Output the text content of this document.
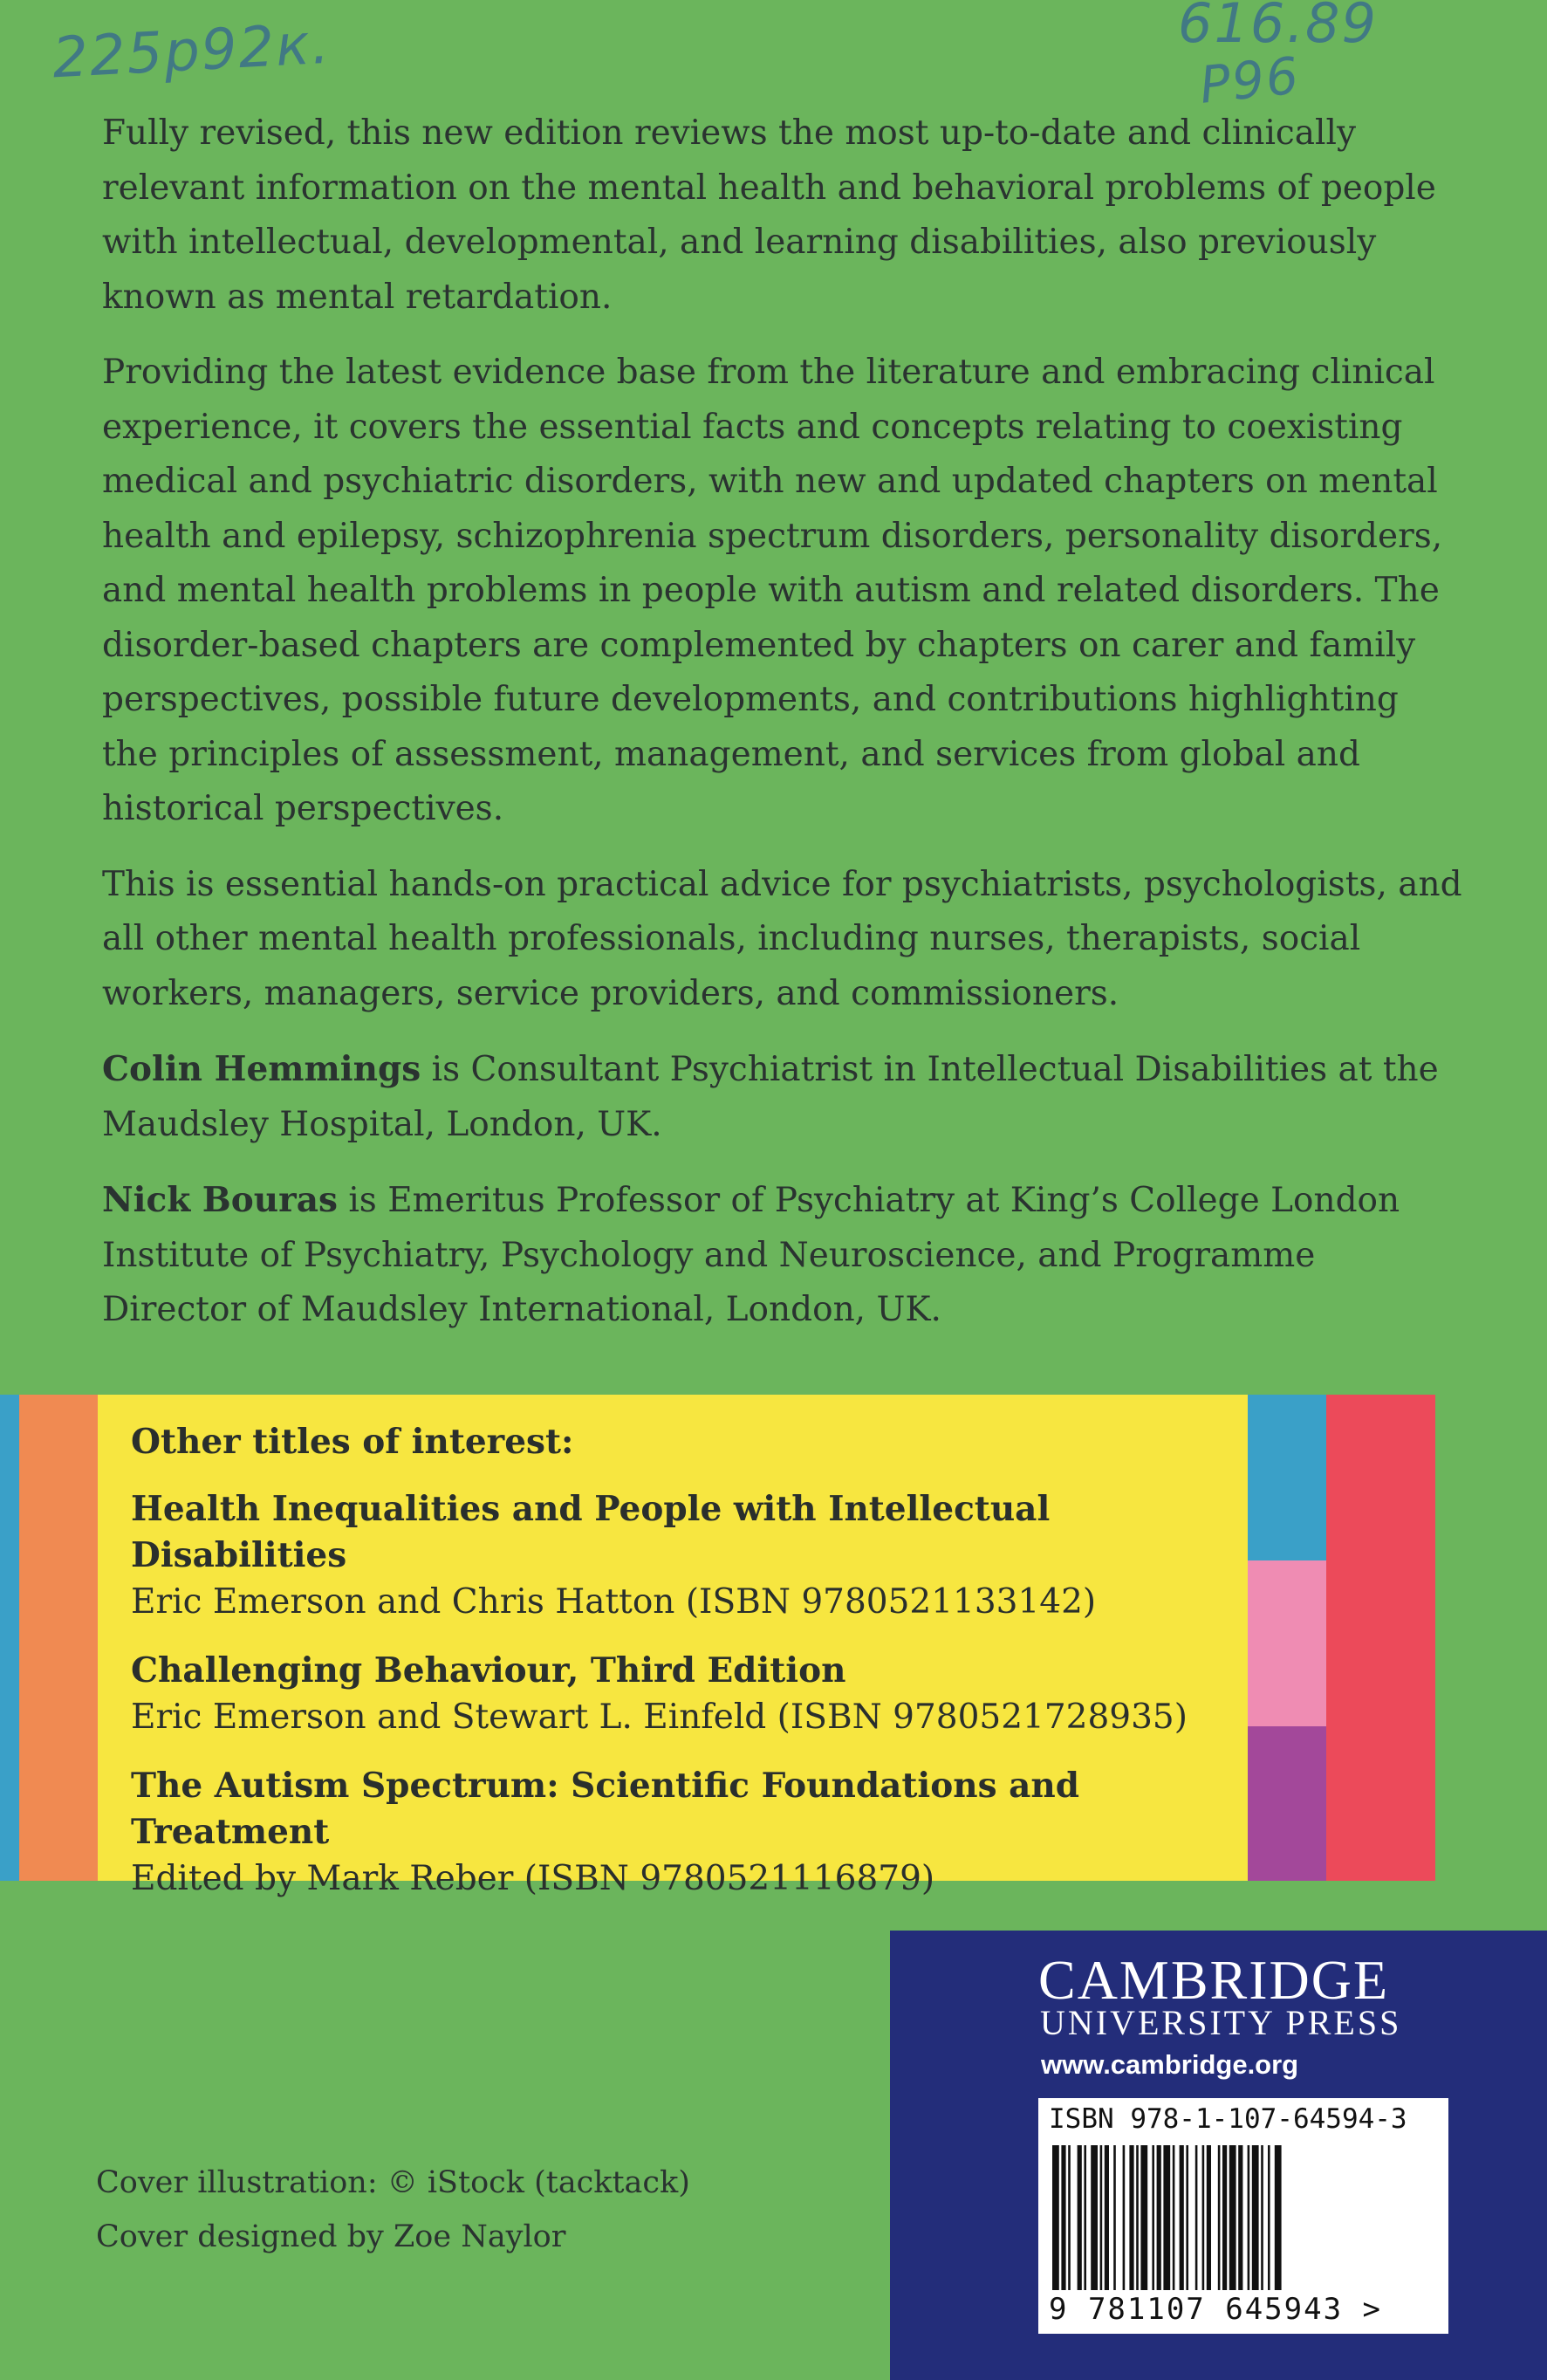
225p92к.	616.89
Р96

Fully revised, this new edition reviews the most up-to-date and clinically relevant information on the mental health and behavioral problems of people with intellectual, developmental, and learning disabilities, also previously known as mental retardation.

Providing the latest evidence base from the literature and embracing clinical experience, it covers the essential facts and concepts relating to coexisting medical and psychiatric disorders, with new and updated chapters on mental health and epilepsy, schizophrenia spectrum disorders, personality disorders, and mental health problems in people with autism and related disorders. The disorder-based chapters are complemented by chapters on carer and family perspectives, possible future developments, and contributions highlighting the principles of assessment, management, and services from global and historical perspectives.

This is essential hands-on practical advice for psychiatrists, psychologists, and all other mental health professionals, including nurses, therapists, social workers, managers, service providers, and commissioners.

Colin Hemmings is Consultant Psychiatrist in Intellectual Disabilities at the Maudsley Hospital, London, UK.

Nick Bouras is Emeritus Professor of Psychiatry at King’s College London Institute of Psychiatry, Psychology and Neuroscience, and Programme Director of Maudsley International, London, UK.

Other titles of interest:
Health Inequalities and People with Intellectual Disabilities
Eric Emerson and Chris Hatton (ISBN 9780521133142)
Challenging Behaviour, Third Edition
Eric Emerson and Stewart L. Einfeld (ISBN 9780521728935)
The Autism Spectrum: Scientific Foundations and Treatment
Edited by Mark Reber (ISBN 9780521116879)
Cover illustration: © iStock (tacktack)
Cover designed by Zoe Naylor
CAMBRIDGE
UNIVERSITY PRESS
www.cambridge.org
ISBN 978-1-107-64594-3
9 781107 645943 >
